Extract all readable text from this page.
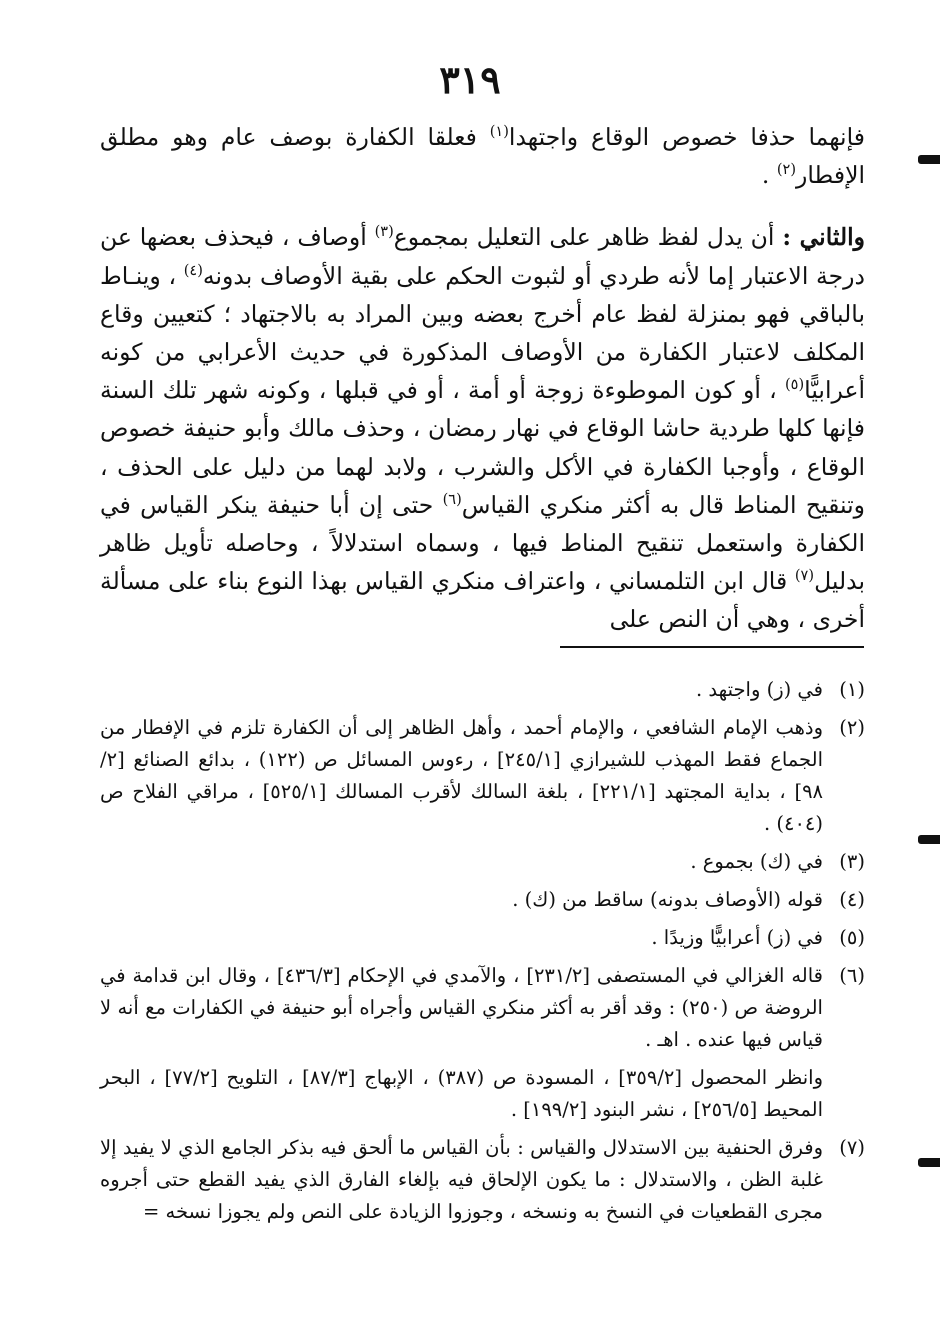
٣١٩

فإنهما حذفا خصوص الوقاع واجتهدا$^{(١)}$ فعلقا الكفارة بوصف عام وهو مطلق الإفطار$^{(٢)}$ .

والثاني : أن يدل لفظ ظاهر على التعليل بمجموع$^{(٣)}$ أوصاف ، فيحذف بعضها عن درجة الاعتبار إما لأنه طردي أو لثبوت الحكم على بقية الأوصاف بدونه$^{(٤)}$ ، وينـاط بالباقي فهو بمنزلة لفظ عام أخرج بعضه وبين المراد به بالاجتهاد ؛ كتعيين وقاع المكلف لاعتبار الكفارة من الأوصاف المذكورة في حديث الأعرابي من كونه أعرابيًّا$^{(٥)}$ ، أو كون الموطوءة زوجة أو أمة ، أو في قبلها ، وكونه شهر تلك السنة فإنها كلها طردية حاشا الوقاع في نهار رمضان ، وحذف مالك وأبو حنيفة خصوص الوقاع ، وأوجبا الكفارة في الأكل والشرب ، ولابد لهما من دليل على الحذف ، وتنقيح المناط قال به أكثر منكري القياس$^{(٦)}$ حتى إن أبا حنيفة ينكر القياس في الكفارة واستعمل تنقيح المناط فيها ، وسماه استدلالاً ، وحاصله تأويل ظاهر بدليل$^{(٧)}$ قال ابن التلمساني ، واعتراف منكري القياس بهذا النوع بناء على مسألة أخرى ، وهي أن النص على

(١)
في (ز) واجتهد .
(٢)
وذهب الإمام الشافعي ، والإمام أحمد ، وأهل الظاهر إلى أن الكفارة تلزم في الإفطار من الجماع فقط المهذب للشيرازي [٢٤٥/١] ، رءوس المسائل ص (١٢٢) ، بدائع الصنائع [٢/ ٩٨] ، بداية المجتهد [٢٢١/١] ، بلغة السالك لأقرب المسالك [٥٢٥/١] ، مراقي الفلاح ص (٤٠٤) .
(٣)
في (ك) بجموع .
(٤)
قوله (الأوصاف بدونه) ساقط من (ك) .
(٥)
في (ز) أعرابيًّا وزيدًا .
(٦)
قاله الغزالي في المستصفى [٢٣١/٢] ، والآمدي في الإحكام [٤٣٦/٣] ، وقال ابن قدامة في الروضة ص (٢٥٠) : وقد أقر به أكثر منكري القياس وأجراه أبو حنيفة في الكفارات مع أنه لا قياس فيها عنده . اهـ .
وانظر المحصول [٣٥٩/٢] ، المسودة ص (٣٨٧) ، الإبهاج [٨٧/٣] ، التلويح [٧٧/٢] ، البحر المحيط [٢٥٦/٥] ، نشر البنود [١٩٩/٢] .
(٧)
وفرق الحنفية بين الاستدلال والقياس : بأن القياس ما ألحق فيه بذكر الجامع الذي لا يفيد إلا غلبة الظن ، والاستدلال : ما يكون الإلحاق فيه بإلغاء الفارق الذي يفيد القطع حتى أجروه مجرى القطعيات في النسخ به ونسخه ، وجوزوا الزيادة على النص ولم يجوزا نسخه =
